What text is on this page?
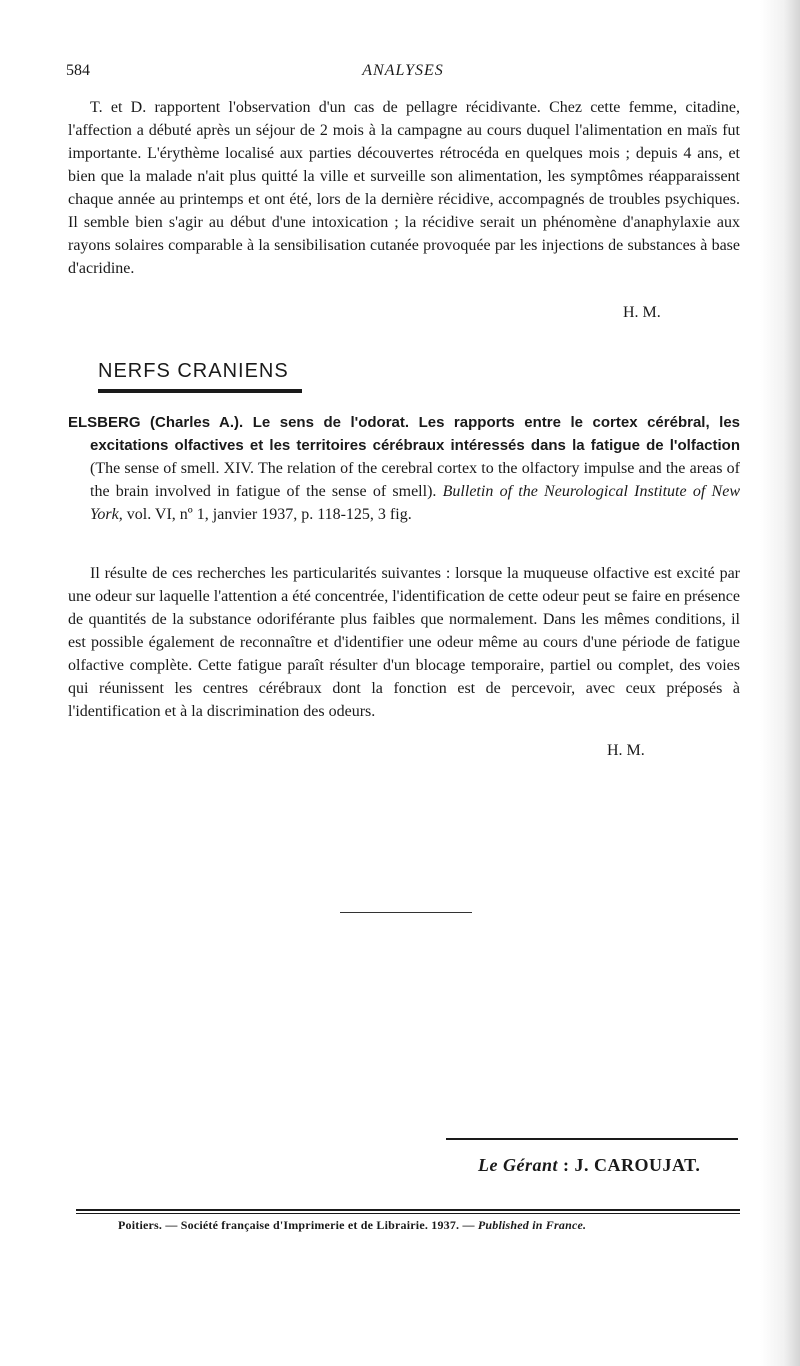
584	ANALYSES
T. et D. rapportent l'observation d'un cas de pellagre récidivante. Chez cette femme, citadine, l'affection a débuté après un séjour de 2 mois à la campagne au cours duquel l'alimentation en maïs fut importante. L'érythème localisé aux parties découvertes rétrocéda en quelques mois ; depuis 4 ans, et bien que la malade n'ait plus quitté la ville et surveille son alimentation, les symptômes réapparaissent chaque année au printemps et ont été, lors de la dernière récidive, accompagnés de troubles psychiques. Il semble bien s'agir au début d'une intoxication ; la récidive serait un phénomène d'anaphylaxie aux rayons solaires comparable à la sensibilisation cutanée provoquée par les injections de substances à base d'acridine.
H. M.
NERFS CRANIENS
ELSBERG (Charles A.). Le sens de l'odorat. Les rapports entre le cortex cérébral, les excitations olfactives et les territoires cérébraux intéressés dans la fatigue de l'olfaction (The sense of smell. XIV. The relation of the cerebral cortex to the olfactory impulse and the areas of the brain involved in fatigue of the sense of smell). Bulletin of the Neurological Institute of New York, vol. VI, nº 1, janvier 1937, p. 118-125, 3 fig.
Il résulte de ces recherches les particularités suivantes : lorsque la muqueuse olfactive est excité par une odeur sur laquelle l'attention a été concentrée, l'identification de cette odeur peut se faire en présence de quantités de la substance odoriférante plus faibles que normalement. Dans les mêmes conditions, il est possible également de reconnaître et d'identifier une odeur même au cours d'une période de fatigue olfactive complète. Cette fatigue paraît résulter d'un blocage temporaire, partiel ou complet, des voies qui réunissent les centres cérébraux dont la fonction est de percevoir, avec ceux préposés à l'identification et à la discrimination des odeurs.
H. M.
Le Gérant : J. CAROUJAT.
Poitiers. — Société française d'Imprimerie et de Librairie. 1937. — Published in France.
